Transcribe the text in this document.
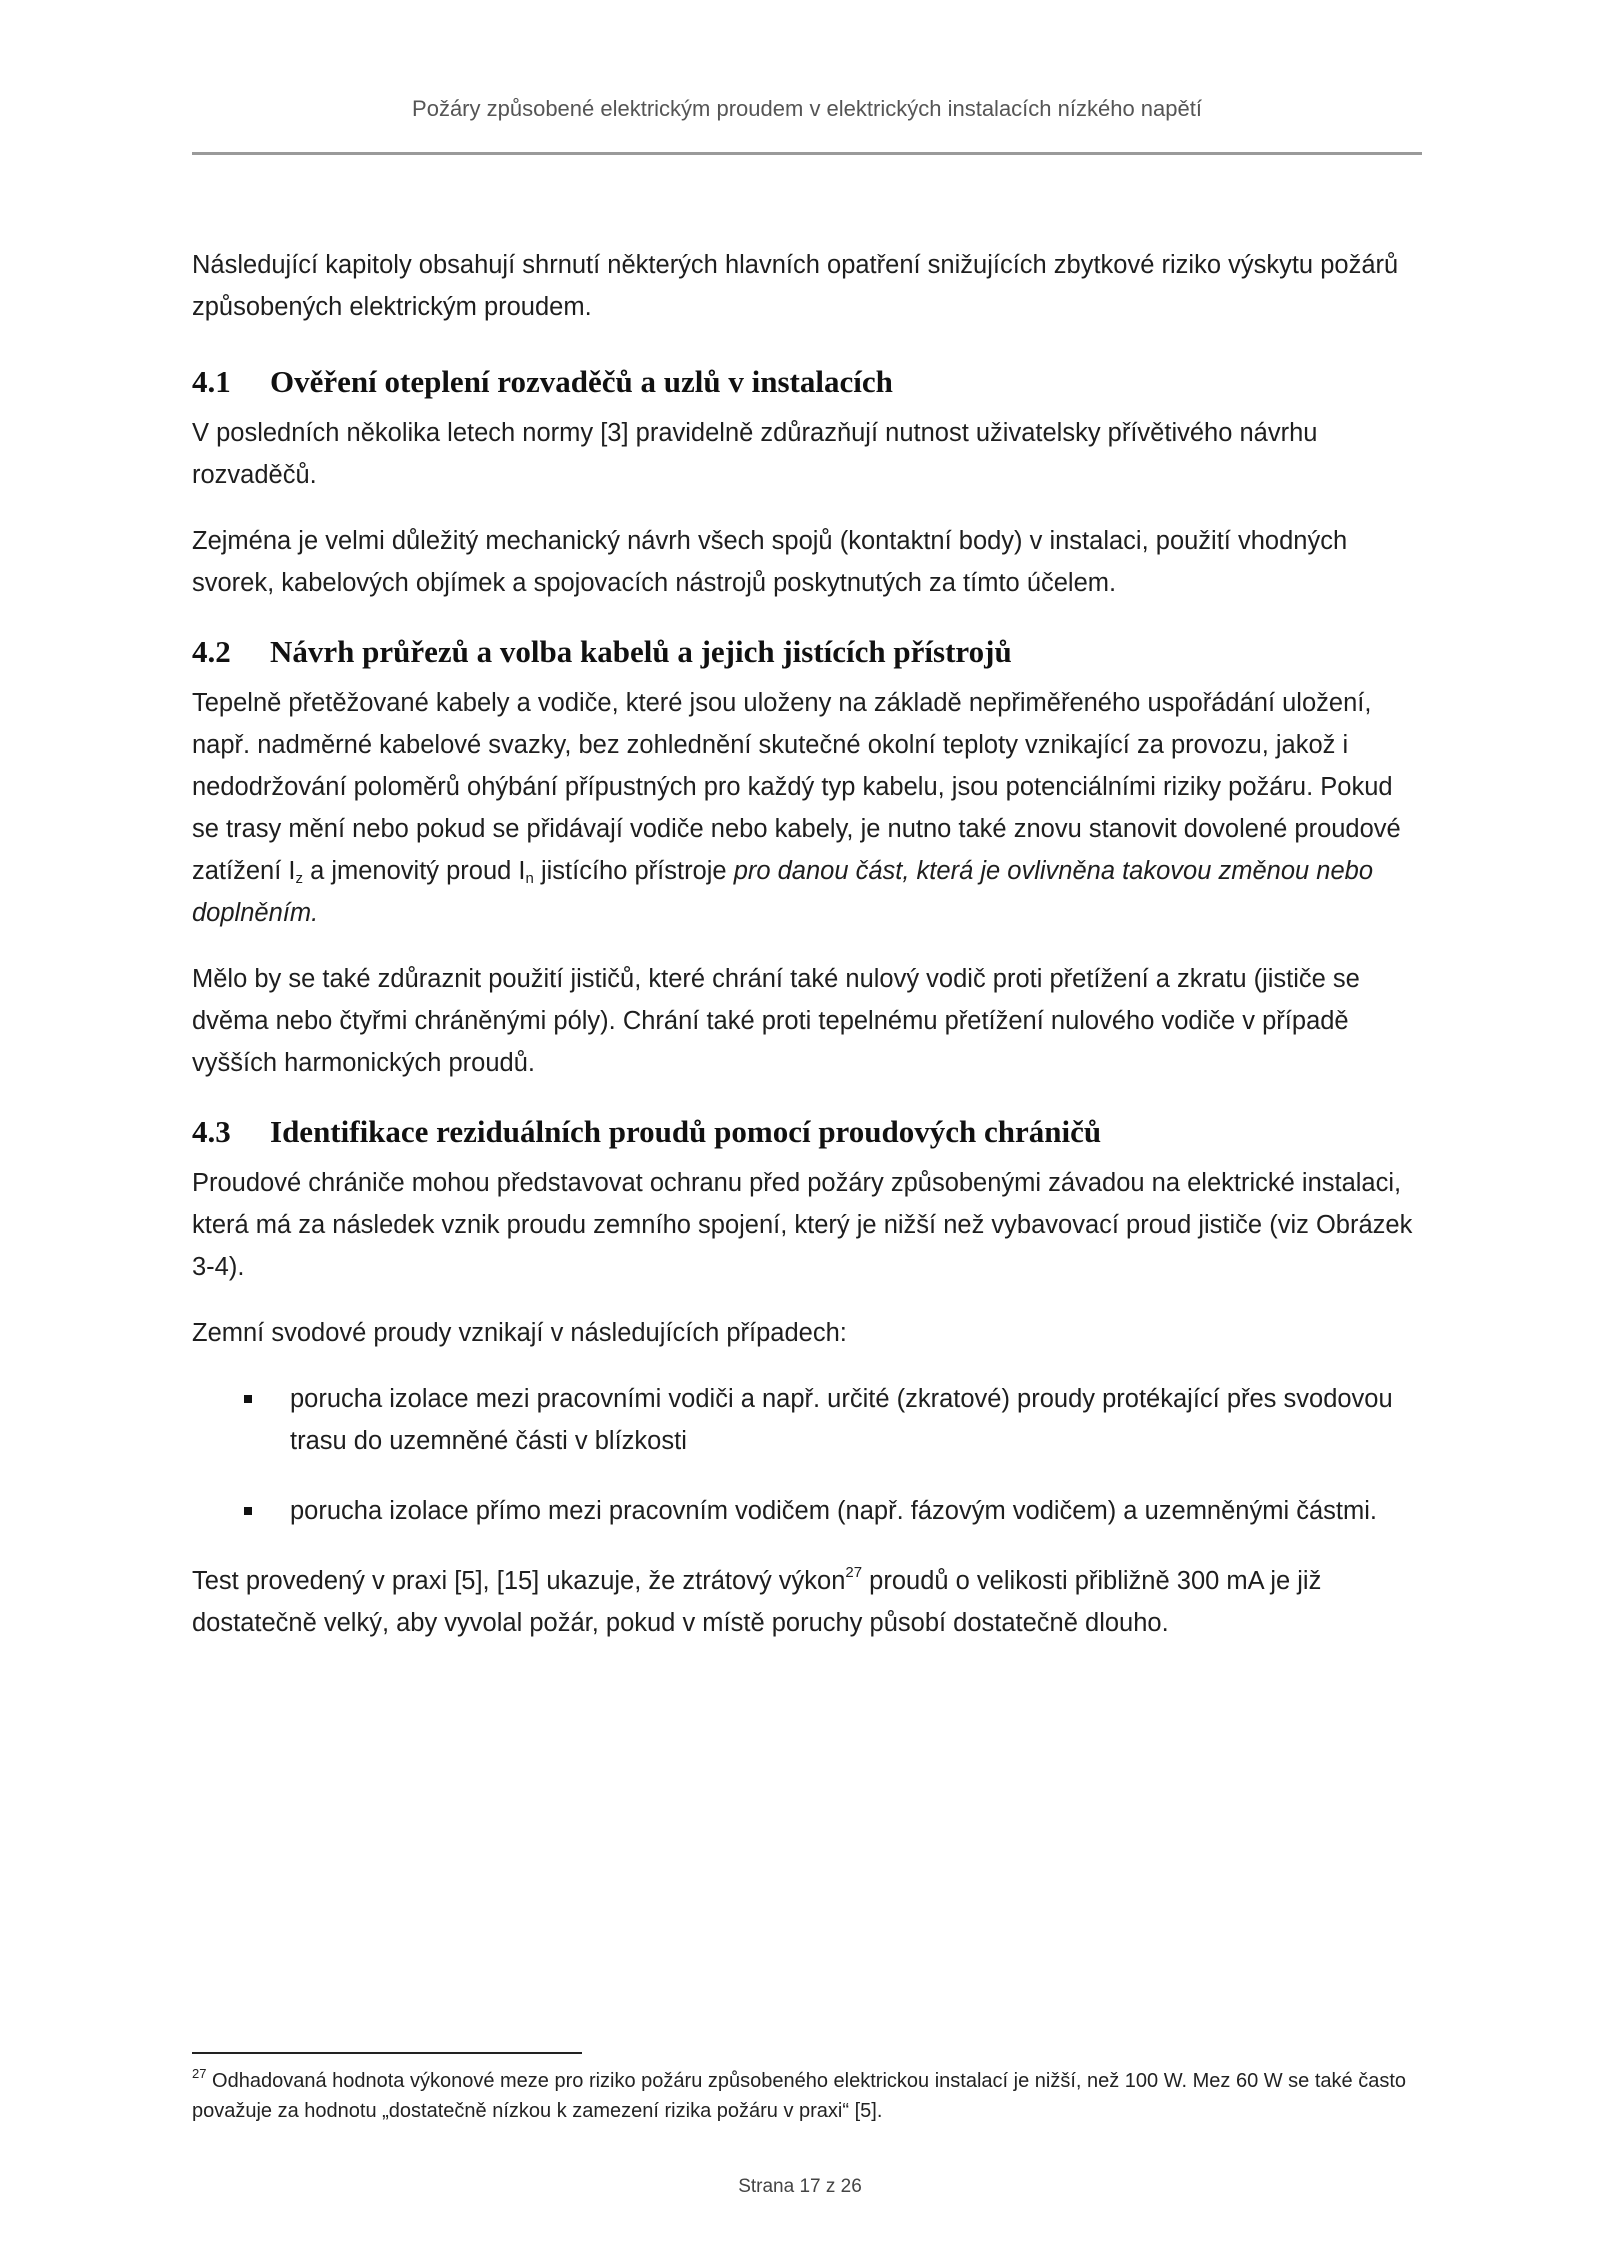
Požáry způsobené elektrickým proudem v elektrických instalacích nízkého napětí

Následující kapitoly obsahují shrnutí některých hlavních opatření snižujících zbytkové riziko výskytu požárů způsobených elektrickým proudem.

4.1 Ověření oteplení rozvaděčů a uzlů v instalacích

V posledních několika letech normy [3] pravidelně zdůrazňují nutnost uživatelsky přívětivého návrhu rozvaděčů.

Zejména je velmi důležitý mechanický návrh všech spojů (kontaktní body) v instalaci, použití vhodných svorek, kabelových objímek a spojovacích nástrojů poskytnutých za tímto účelem.

4.2 Návrh průřezů a volba kabelů a jejich jistících přístrojů

Tepelně přetěžované kabely a vodiče, které jsou uloženy na základě nepřiměřeného uspořádání uložení, např. nadměrné kabelové svazky, bez zohlednění skutečné okolní teploty vznikající za provozu, jakož i nedodržování poloměrů ohýbání přípustných pro každý typ kabelu, jsou potenciálními riziky požáru. Pokud se trasy mění nebo pokud se přidávají vodiče nebo kabely, je nutno také znovu stanovit dovolené proudové zatížení $I_z$ a jmenovitý proud $I_n$ jistícího přístroje pro danou část, která je ovlivněna takovou změnou nebo doplněním.

Mělo by se také zdůraznit použití jističů, které chrání také nulový vodič proti přetížení a zkratu (jističe se dvěma nebo čtyřmi chráněnými póly). Chrání také proti tepelnému přetížení nulového vodiče v případě vyšších harmonických proudů.

4.3 Identifikace reziduálních proudů pomocí proudových chráničů

Proudové chrániče mohou představovat ochranu před požáry způsobenými závadou na elektrické instalaci, která má za následek vznik proudu zemního spojení, který je nižší než vybavovací proud jističe (viz Obrázek 3-4).

Zemní svodové proudy vznikají v následujících případech:

porucha izolace mezi pracovními vodiči a např. určité (zkratové) proudy protékající přes svodovou trasu do uzemněné části v blízkosti
porucha izolace přímo mezi pracovním vodičem (např. fázovým vodičem) a uzemněnými částmi.

Test provedený v praxi [5], [15] ukazuje, že ztrátový výkon$^{27}$ proudů o velikosti přibližně 300 mA je již dostatečně velký, aby vyvolal požár, pokud v místě poruchy působí dostatečně dlouho.

$^{27}$ Odhadovaná hodnota výkonové meze pro riziko požáru způsobeného elektrickou instalací je nižší, než 100 W. Mez 60 W se také často považuje za hodnotu „dostatečně nízkou k zamezení rizika požáru v praxi“ [5].
Strana 17 z 26
